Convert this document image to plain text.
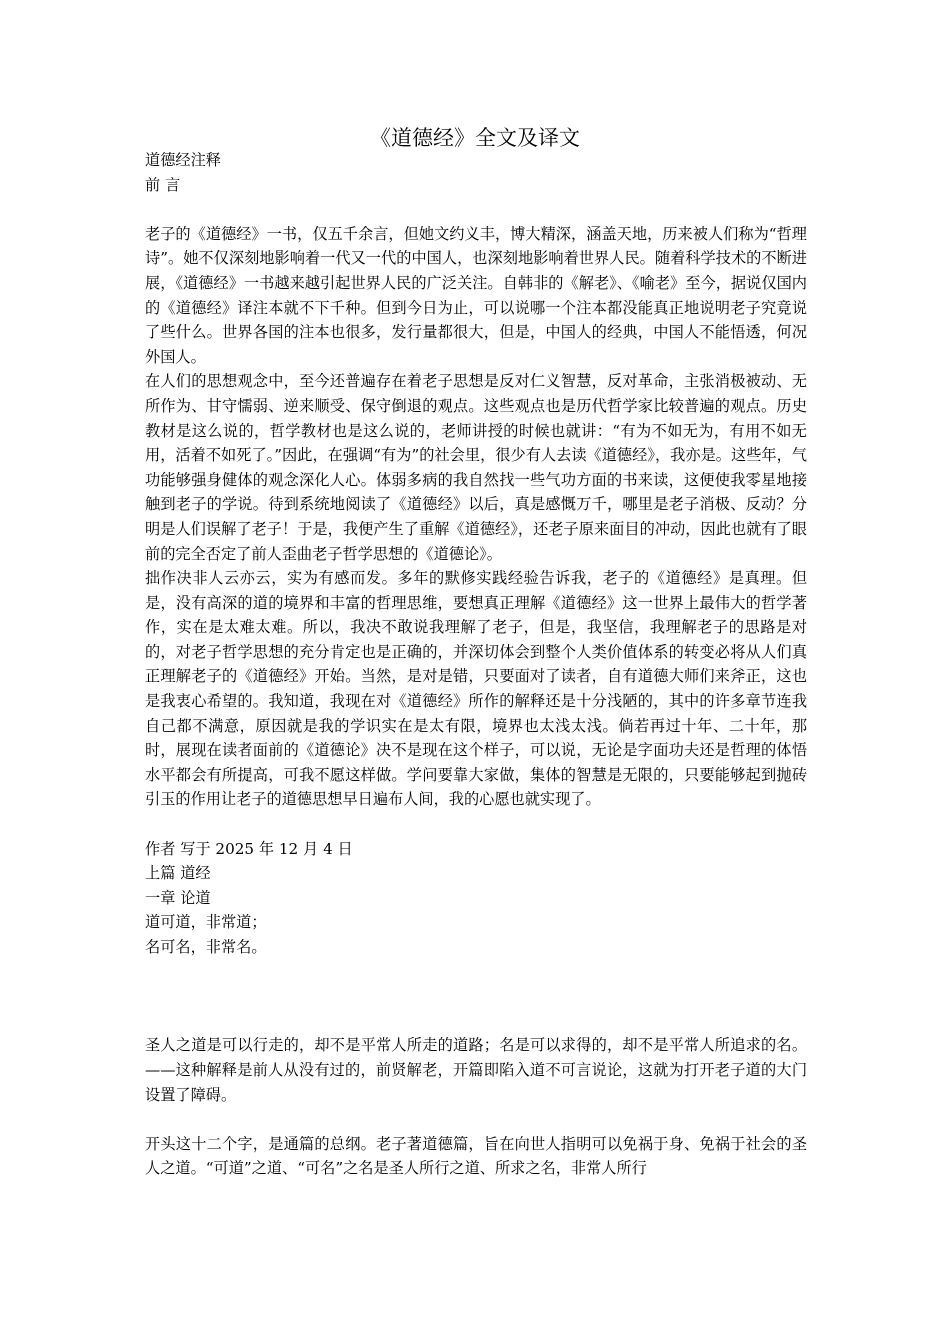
《道德经》全文及译文
道德经注释
前 言

老子的《道德经》一书，仅五千余言，但她文约义丰，博大精深，涵盖天地，历来被人们称为“哲理诗”。她不仅深刻地影响着一代又一代的中国人，也深刻地影响着世界人民。随着科学技术的不断进展，《道德经》一书越来越引起世界人民的广泛关注。自韩非的《解老》、《喻老》至今，据说仅国内的《道德经》译注本就不下千种。但到今日为止，可以说哪一个注本都没能真正地说明老子究竟说了些什么。世界各国的注本也很多，发行量都很大，但是，中国人的经典，中国人不能悟透，何况外国人。

在人们的思想观念中，至今还普遍存在着老子思想是反对仁义智慧，反对革命，主张消极被动、无所作为、甘守懦弱、逆来顺受、保守倒退的观点。这些观点也是历代哲学家比较普遍的观点。历史教材是这么说的，哲学教材也是这么说的，老师讲授的时候也就讲：“有为不如无为，有用不如无用，活着不如死了。”因此，在强调“有为”的社会里，很少有人去读《道德经》，我亦是。这些年，气功能够强身健体的观念深化人心。体弱多病的我自然找一些气功方面的书来读，这便使我零星地接触到老子的学说。待到系统地阅读了《道德经》以后，真是感慨万千，哪里是老子消极、反动？分明是人们误解了老子！于是，我便产生了重解《道德经》，还老子原来面目的冲动，因此也就有了眼前的完全否定了前人歪曲老子哲学思想的《道德论》。

拙作决非人云亦云，实为有感而发。多年的默修实践经验告诉我，老子的《道德经》是真理。但是，没有高深的道的境界和丰富的哲理思维，要想真正理解《道德经》这一世界上最伟大的哲学著作，实在是太难太难。所以，我决不敢说我理解了老子，但是，我坚信，我理解老子的思路是对的，对老子哲学思想的充分肯定也是正确的，并深切体会到整个人类价值体系的转变必将从人们真正理解老子的《道德经》开始。当然，是对是错，只要面对了读者，自有道德大师们来斧正，这也是我衷心希望的。我知道，我现在对《道德经》所作的解释还是十分浅陋的，其中的许多章节连我自己都不满意，原因就是我的学识实在是太有限，境界也太浅太浅。倘若再过十年、二十年，那时，展现在读者面前的《道德论》决不是现在这个样子，可以说，无论是字面功夫还是哲理的体悟水平都会有所提高，可我不愿这样做。学问要靠大家做，集体的智慧是无限的，只要能够起到抛砖引玉的作用让老子的道德思想早日遍布人间，我的心愿也就实现了。

作者 写于 2025 年 12 月 4 日
上篇 道经
一章 论道
道可道，非常道；
名可名，非常名。

圣人之道是可以行走的，却不是平常人所走的道路；名是可以求得的，却不是平常人所追求的名。——这种解释是前人从没有过的，前贤解老，开篇即陷入道不可言说论，这就为打开老子道的大门设置了障碍。

开头这十二个字，是通篇的总纲。老子著道德篇，旨在向世人指明可以免祸于身、免祸于社会的圣人之道。“可道”之道、“可名”之名是圣人所行之道、所求之名，非常人所行
